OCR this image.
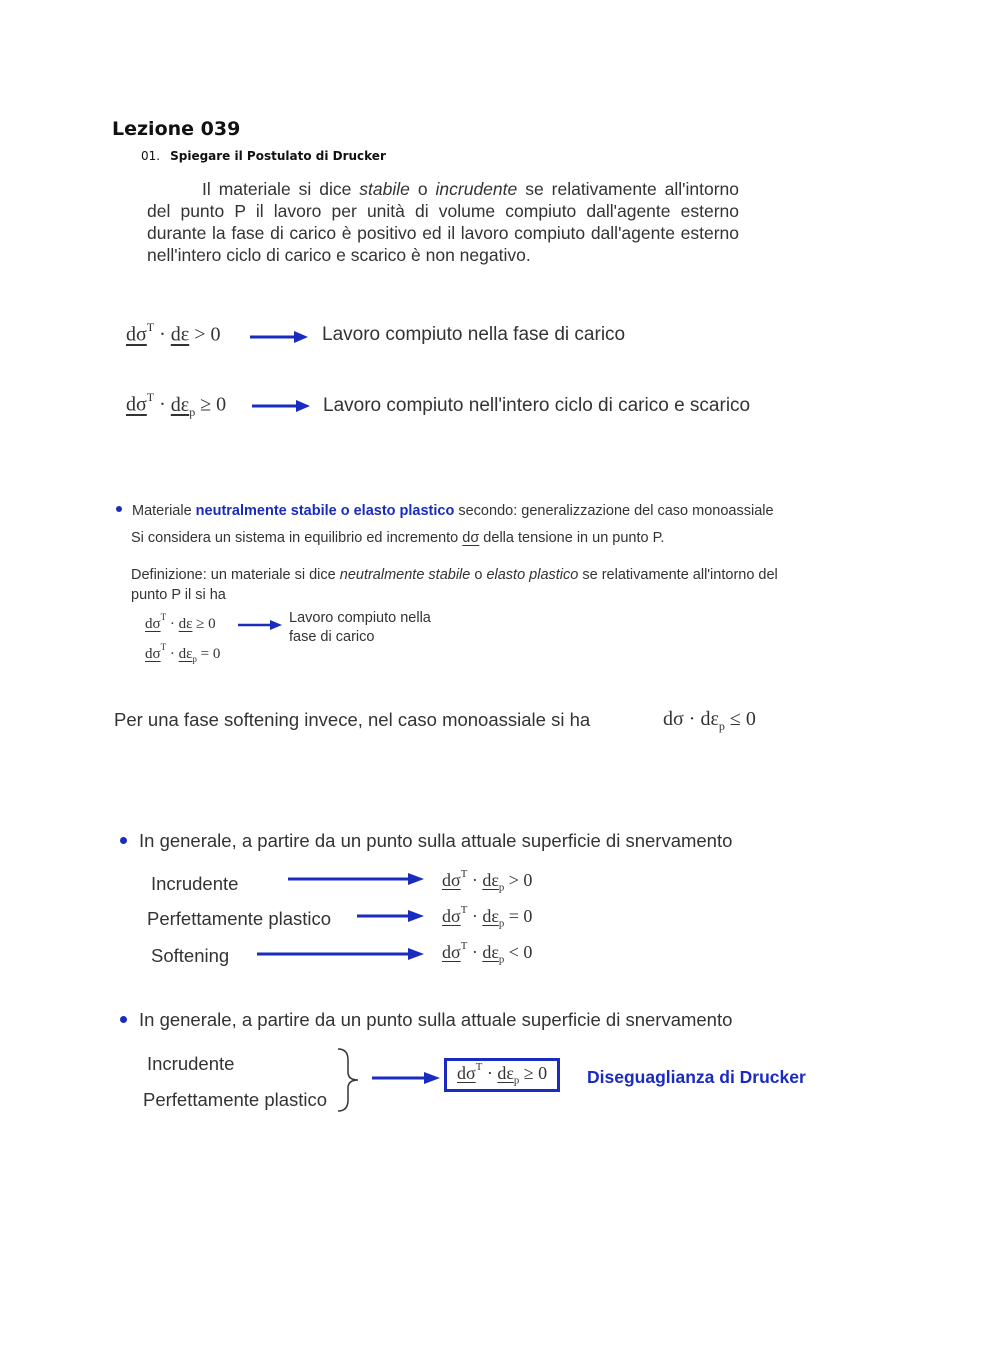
Lezione 039
01. Spiegare il Postulato di Drucker
Il materiale si dice stabile o incrudente se relativamente all'intorno del punto P il lavoro per unità di volume compiuto dall'agente esterno durante la fase di carico è positivo ed il lavoro compiuto dall'agente esterno nell'intero ciclo di carico e scarico è non negativo.
$d\sigma^T \cdot d\varepsilon > 0$	Lavoro compiuto nella fase di carico
$d\sigma^T \cdot d\varepsilon_p \ge 0$	Lavoro compiuto nell'intero ciclo di carico e scarico
Materiale neutralmente stabile o elasto plastico secondo: generalizzazione del caso monoassiale
Si considera un sistema in equilibrio ed incremento dσ della tensione in un punto P.
Definizione: un materiale si dice neutralmente stabile o elasto plastico se relativamente all'intorno del
punto P il si ha
$d\sigma^T \cdot d\varepsilon \ge 0$	Lavoro compiuto nella
fase di carico
$d\sigma^T \cdot d\varepsilon_p = 0$
Per una fase softening invece, nel caso monoassiale si ha	$d\sigma \cdot d\varepsilon_p \le 0$
In generale, a partire da un punto sulla attuale superficie di snervamento
Incrudente	$d\sigma^T \cdot d\varepsilon_p > 0$
Perfettamente plastico	$d\sigma^T \cdot d\varepsilon_p = 0$
Softening	$d\sigma^T \cdot d\varepsilon_p < 0$
In generale, a partire da un punto sulla attuale superficie di snervamento
Incrudente
Perfettamente plastico
$d\sigma^T \cdot d\varepsilon_p \ge 0$	Diseguaglianza di Drucker
